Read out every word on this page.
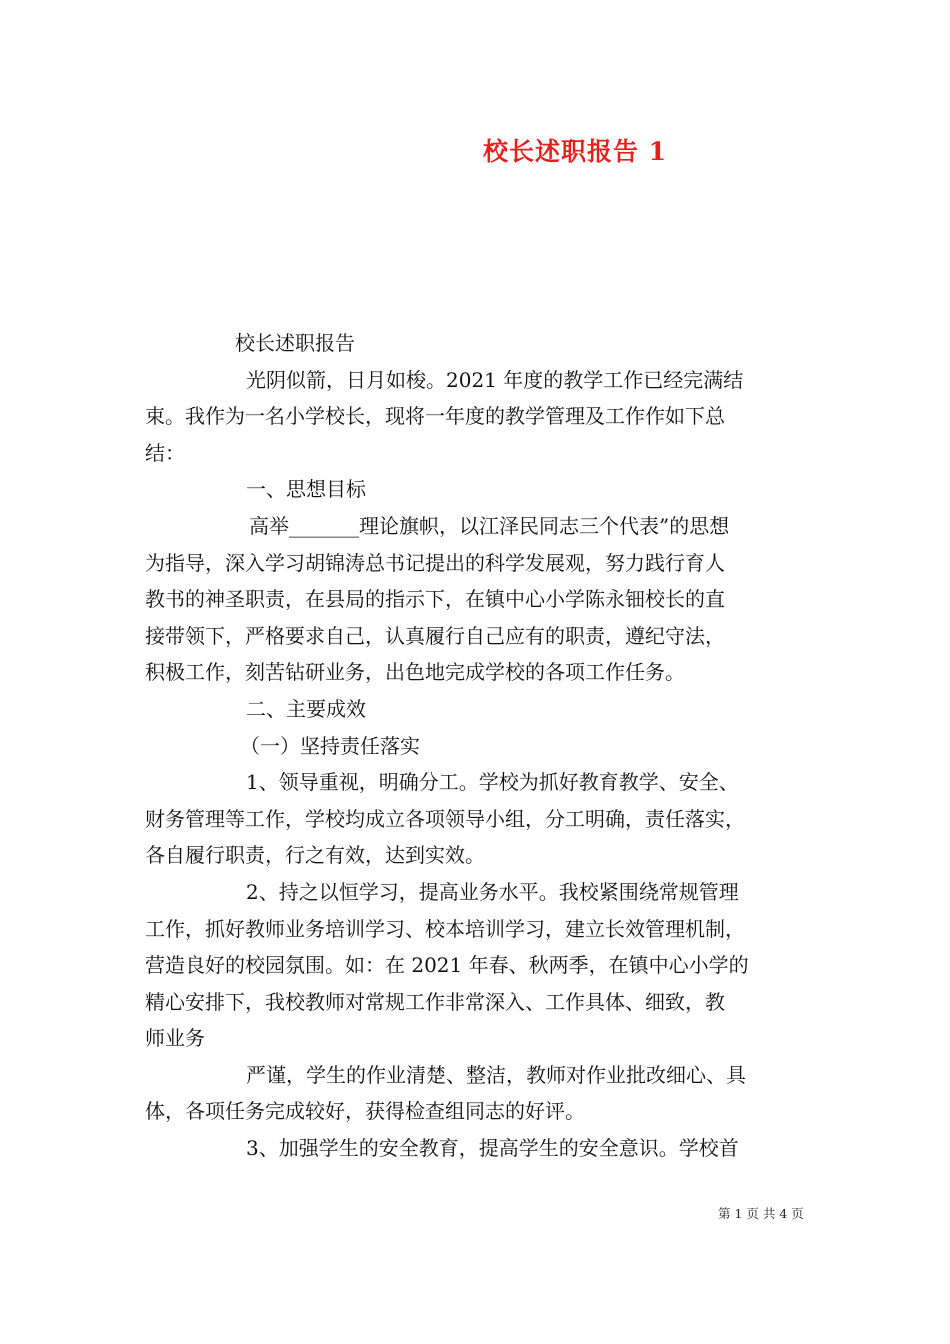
校长述职报告 1
校长述职报告
光阴似箭，日月如梭。2021 年度的教学工作已经完满结
束。我作为一名小学校长，现将一年度的教学管理及工作作如下总
结：
一、思想目标
高举_______理论旗帜，以江泽民同志三个代表”的思想
为指导，深入学习胡锦涛总书记提出的科学发展观，努力践行育人
教书的神圣职责，在县局的指示下，在镇中心小学陈永钿校长的直
接带领下，严格要求自己，认真履行自己应有的职责，遵纪守法，
积极工作，刻苦钻研业务，出色地完成学校的各项工作任务。
二、主要成效
（一）坚持责任落实
1、领导重视，明确分工。学校为抓好教育教学、安全、
财务管理等工作，学校均成立各项领导小组，分工明确，责任落实，
各自履行职责，行之有效，达到实效。
2、持之以恒学习，提高业务水平。我校紧围绕常规管理
工作，抓好教师业务培训学习、校本培训学习，建立长效管理机制，
营造良好的校园氛围。如：在 2021 年春、秋两季，在镇中心小学的
精心安排下，我校教师对常规工作非常深入、工作具体、细致，教
师业务
严谨，学生的作业清楚、整洁，教师对作业批改细心、具
体，各项任务完成较好，获得检查组同志的好评。
3、加强学生的安全教育，提高学生的安全意识。学校首
第 1 页 共 4 页
